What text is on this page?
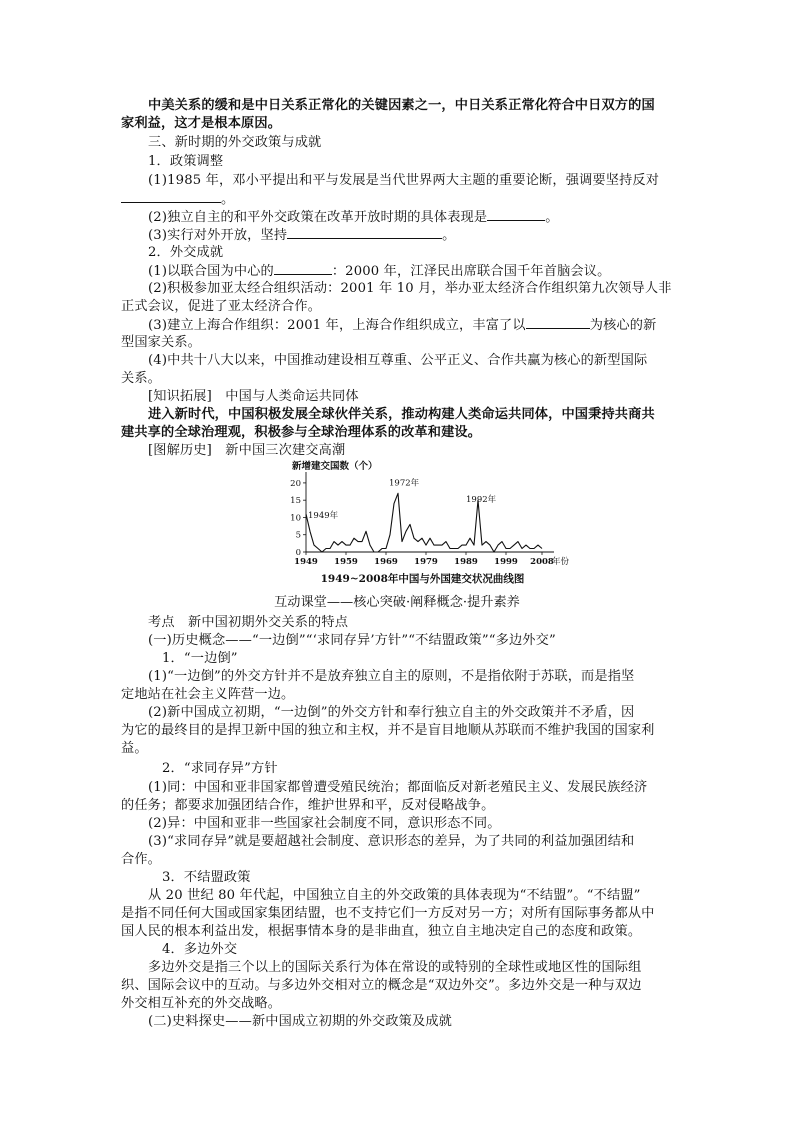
中美关系的缓和是中日关系正常化的关键因素之一，中日关系正常化符合中日双方的国
家利益，这才是根本原因。
三、新时期的外交政策与成就
1．政策调整
(1)1985 年，邓小平提出和平与发展是当代世界两大主题的重要论断，强调要坚持反对
。
(2)独立自主的和平外交政策在改革开放时期的具体表现是	。
(3)实行对外开放，坚持	。
2．外交成就
(1)以联合国为中心的	：2000 年，江泽民出席联合国千年首脑会议。
(2)积极参加亚太经合组织活动：2001 年 10 月，举办亚太经济合作组织第九次领导人非
正式会议，促进了亚太经济合作。
(3)建立上海合作组织：2001 年，上海合作组织成立，丰富了以	为核心的新
型国家关系。
(4)中共十八大以来，中国推动建设相互尊重、公平正义、合作共赢为核心的新型国际
关系。
[知识拓展]　中国与人类命运共同体
进入新时代，中国积极发展全球伙伴关系，推动构建人类命运共同体，中国秉持共商共
建共享的全球治理观，积极参与全球治理体系的改革和建设。
[图解历史]　新中国三次建交高潮
新增建交国数（个）
0
5
10
15
20
1949 1959 1969 1979 1989 1999 2008
年份
1949年
1972年
1992年
1949~2008年中国与外国建交状况曲线图
互动课堂——核心突破·阐释概念·提升素养
考点　新中国初期外交关系的特点
(一)历史概念——“一边倒”“‘求同存异’方针”“不结盟政策”“多边外交”
1．“一边倒”
(1)“一边倒”的外交方针并不是放弃独立自主的原则，不是指依附于苏联，而是指坚
定地站在社会主义阵营一边。
(2)新中国成立初期，“一边倒”的外交方针和奉行独立自主的外交政策并不矛盾，因
为它的最终目的是捍卫新中国的独立和主权，并不是盲目地顺从苏联而不维护我国的国家利
益。
2．“求同存异”方针
(1)同：中国和亚非国家都曾遭受殖民统治；都面临反对新老殖民主义、发展民族经济
的任务；都要求加强团结合作，维护世界和平，反对侵略战争。
(2)异：中国和亚非一些国家社会制度不同，意识形态不同。
(3)“求同存异”就是要超越社会制度、意识形态的差异，为了共同的利益加强团结和
合作。
3．不结盟政策
从 20 世纪 80 年代起，中国独立自主的外交政策的具体表现为“不结盟”。“不结盟”
是指不同任何大国或国家集团结盟，也不支持它们一方反对另一方；对所有国际事务都从中
国人民的根本利益出发，根据事情本身的是非曲直，独立自主地决定自己的态度和政策。
4．多边外交
多边外交是指三个以上的国际关系行为体在常设的或特别的全球性或地区性的国际组
织、国际会议中的互动。与多边外交相对立的概念是“双边外交”。多边外交是一种与双边
外交相互补充的外交战略。
(二)史料探史——新中国成立初期的外交政策及成就
